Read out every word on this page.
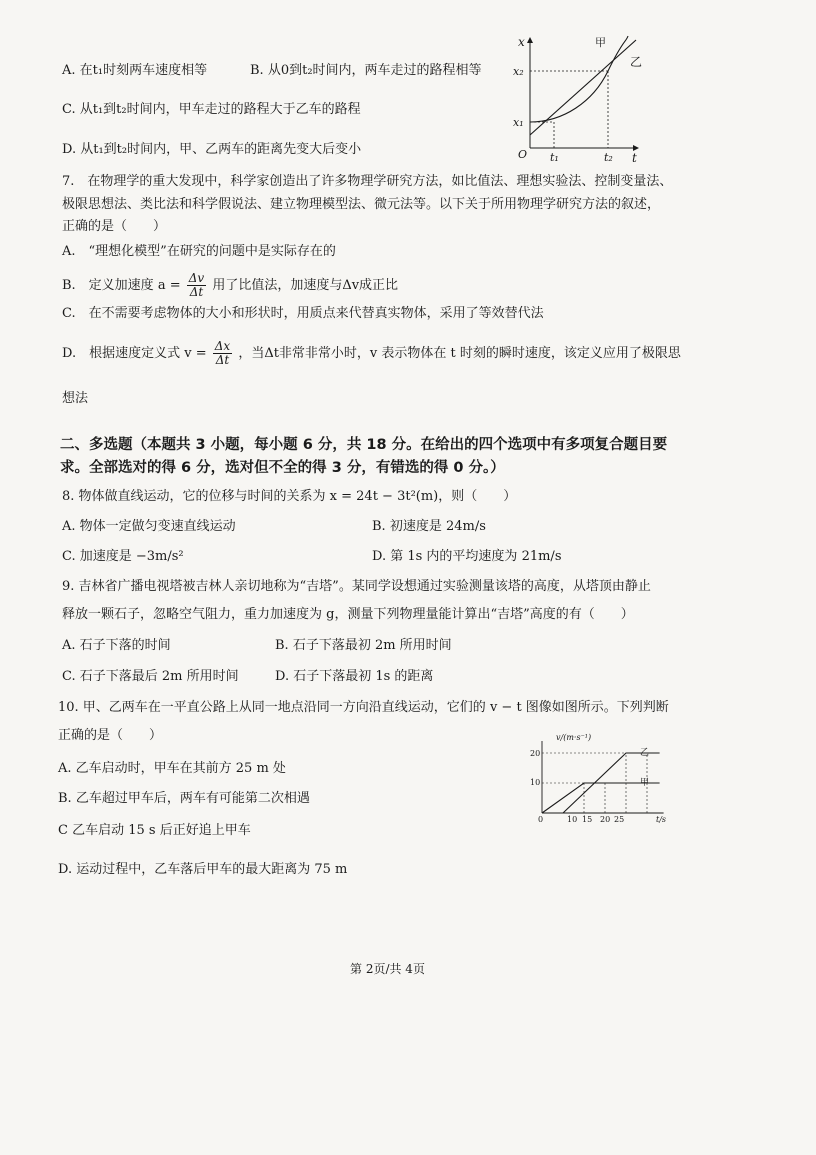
A. 在t₁时刻两车速度相等	B. 从0到t₂时间内，两车走过的路程相等
C. 从t₁到t₂时间内，甲车走过的路程大于乙车的路程
D. 从t₁到t₂时间内，甲、乙两车的距离先变大后变小
x
t
O
x₂
x₁
t₁	t₂
甲
乙
7.　在物理学的重大发现中，科学家创造出了许多物理学研究方法，如比值法、理想实验法、控制变量法、
极限思想法、类比法和科学假说法、建立物理模型法、微元法等。以下关于所用物理学研究方法的叙述，
正确的是（　　）
A.　“理想化模型”在研究的问题中是实际存在的
B.　定义加速度 $a = \frac{\Delta v}{\Delta t}$ 用了比值法，加速度与Δv成正比
C.　在不需要考虑物体的大小和形状时，用质点来代替真实物体，采用了等效替代法
D.　根据速度定义式 $v = \frac{\Delta x}{\Delta t}$ ，当Δt非常非常小时，v 表示物体在 t 时刻的瞬时速度，该定义应用了极限思
想法
二、多选题（本题共 3 小题，每小题 6 分，共 18 分。在给出的四个选项中有多项复合题目要
求。全部选对的得 6 分，选对但不全的得 3 分，有错选的得 0 分。）
8. 物体做直线运动，它的位移与时间的关系为 x = 24t − 3t²(m)，则（　　）
A. 物体一定做匀变速直线运动	B. 初速度是 24m/s
C. 加速度是 −3m/s²	D. 第 1s 内的平均速度为 21m/s
9. 吉林省广播电视塔被吉林人亲切地称为“吉塔”。某同学设想通过实验测量该塔的高度，从塔顶由静止
释放一颗石子，忽略空气阻力，重力加速度为 g，测量下列物理量能计算出“吉塔”高度的有（　　）
A. 石子下落的时间	B. 石子下落最初 2m 所用时间
C. 石子下落最后 2m 所用时间	D. 石子下落最初 1s 的距离
10. 甲、乙两车在一平直公路上从同一地点沿同一方向沿直线运动，它们的 v − t 图像如图所示。下列判断
正确的是（　　）
A. 乙车启动时，甲车在其前方 25 m 处
B. 乙车超过甲车后，两车有可能第二次相遇
C 乙车启动 15 s 后正好追上甲车
D. 运动过程中，乙车落后甲车的最大距离为 75 m
v/(m·s⁻¹)
t/s
20
10
0	10 15 20 25
甲
乙
第 2页/共 4页
